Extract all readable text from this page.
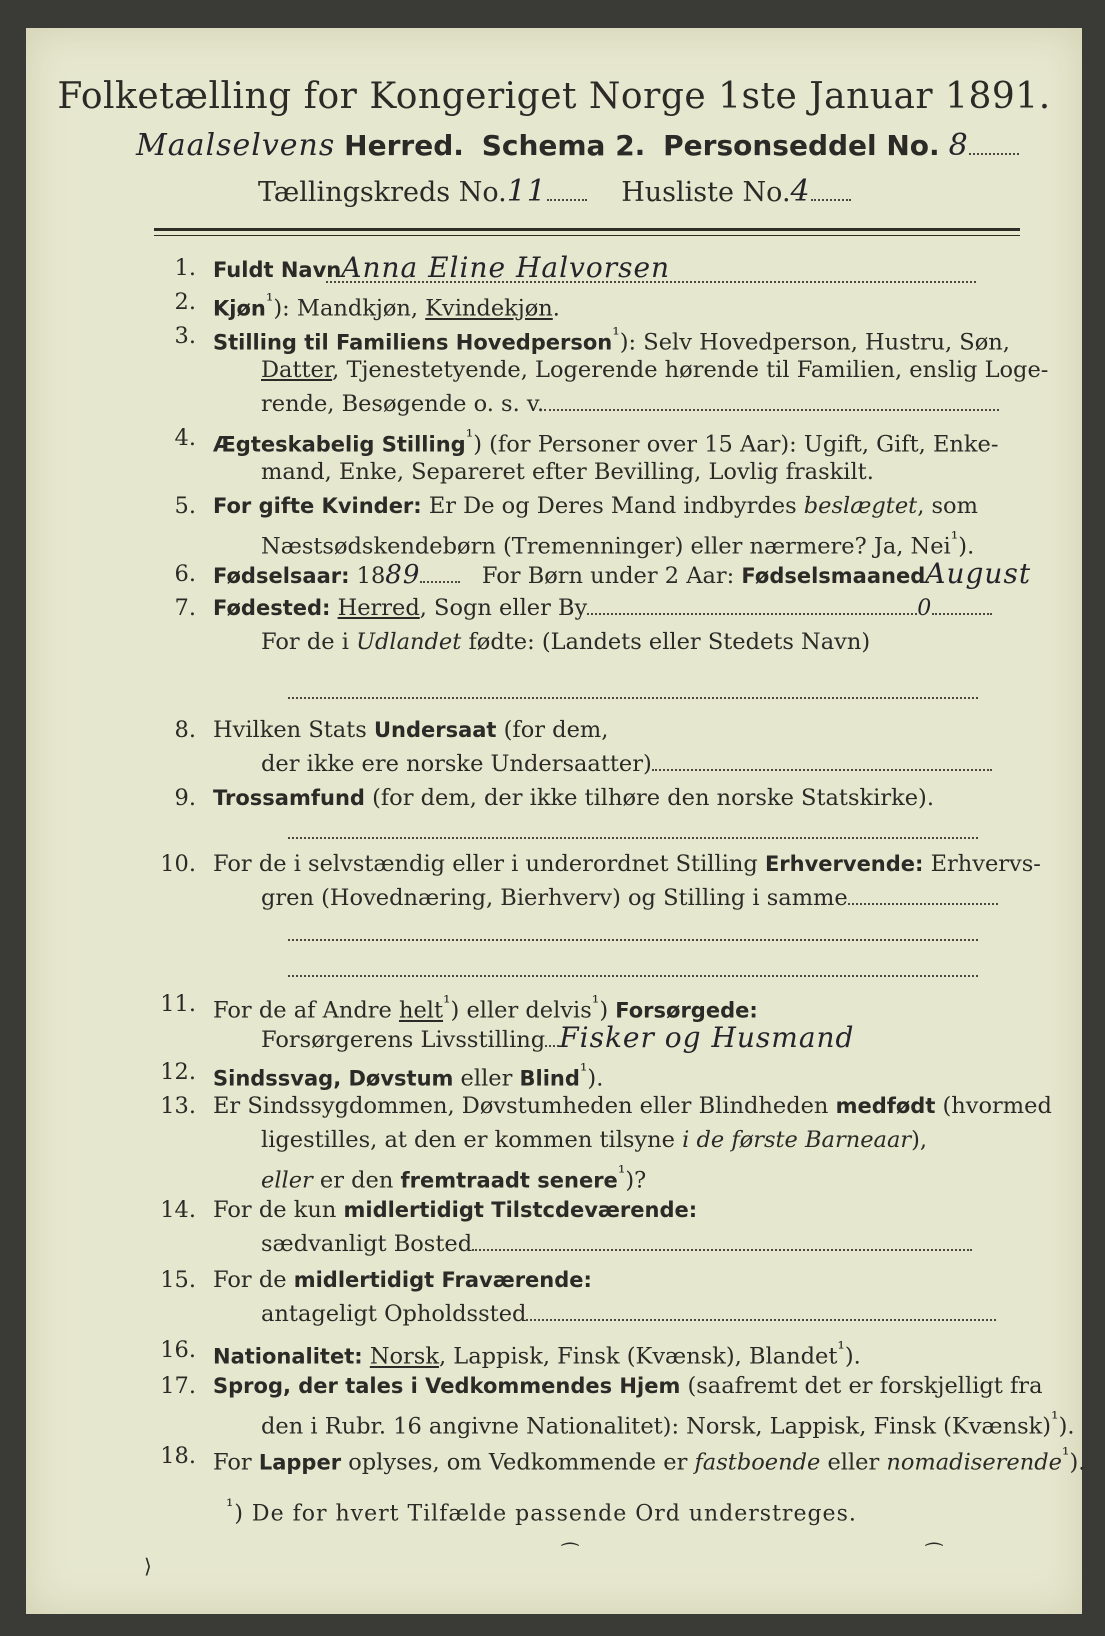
Folketælling for Kongeriget Norge 1ste Januar 1891.
Maalselvens Herred. Schema 2. Personseddel No. 8
Tællingskreds No.11	Husliste No.4
1. Fuldt NavnAnna Eline Halvorsen
2. Kjøn$^{^1}$): Mandkjøn, Kvindekjøn.
3. Stilling til Familiens Hovedperson$^{^1}$): Selv Hovedperson, Hustru, Søn,
Datter, Tjenestetyende, Logerende hørende til Familien, enslig Loge-
rende, Besøgende o. s. v.
4. Ægteskabelig Stilling$^{^1}$) (for Personer over 15 Aar): Ugift, Gift, Enke-
mand, Enke, Separeret efter Bevilling, Lovlig fraskilt.
5. For gifte Kvinder: Er De og Deres Mand indbyrdes beslægtet, som
Næstsødskendebørn (Tremenninger) eller nærmere? Ja, Nei$^{^1}$).
6. Fødselsaar: 1889	For Børn under 2 Aar: FødselsmaanedAugust
7. Fødested: Herred, Sogn eller By	0
For de i Udlandet fødte: (Landets eller Stedets Navn)
8. Hvilken Stats Undersaat (for dem,
der ikke ere norske Undersaatter)
9. Trossamfund (for dem, der ikke tilhøre den norske Statskirke).
10. For de i selvstændig eller i underordnet Stilling Erhvervende: Erhvervs-
gren (Hovednæring, Bierhverv) og Stilling i samme
11. For de af Andre helt$^{^1}$) eller delvis$^{^1}$) Forsørgede:
Forsørgerens Livsstilling Fisker og Husmand
12. Sindssvag, Døvstum eller Blind$^{^1}$).
13. Er Sindssygdommen, Døvstumheden eller Blindheden medfødt (hvormed
ligestilles, at den er kommen tilsyne i de første Barneaar),
eller er den fremtraadt senere$^{^1}$)?
14. For de kun midlertidigt Tilstcdeværende:
sædvanligt Bosted
15. For de midlertidigt Fraværende:
antageligt Opholdssted
16. Nationalitet: Norsk, Lappisk, Finsk (Kvænsk), Blandet$^{^1}$).
17. Sprog, der tales i Vedkommendes Hjem (saafremt det er forskjelligt fra
den i Rubr. 16 angivne Nationalitet): Norsk, Lappisk, Finsk (Kvænsk)$^{^1}$).
18. For Lapper oplyses, om Vedkommende er fastboende eller nomadiserende$^{^1}$).
$^{^1}$) De for hvert Tilfælde passende Ord understreges.
⟩	⁀	⁀
